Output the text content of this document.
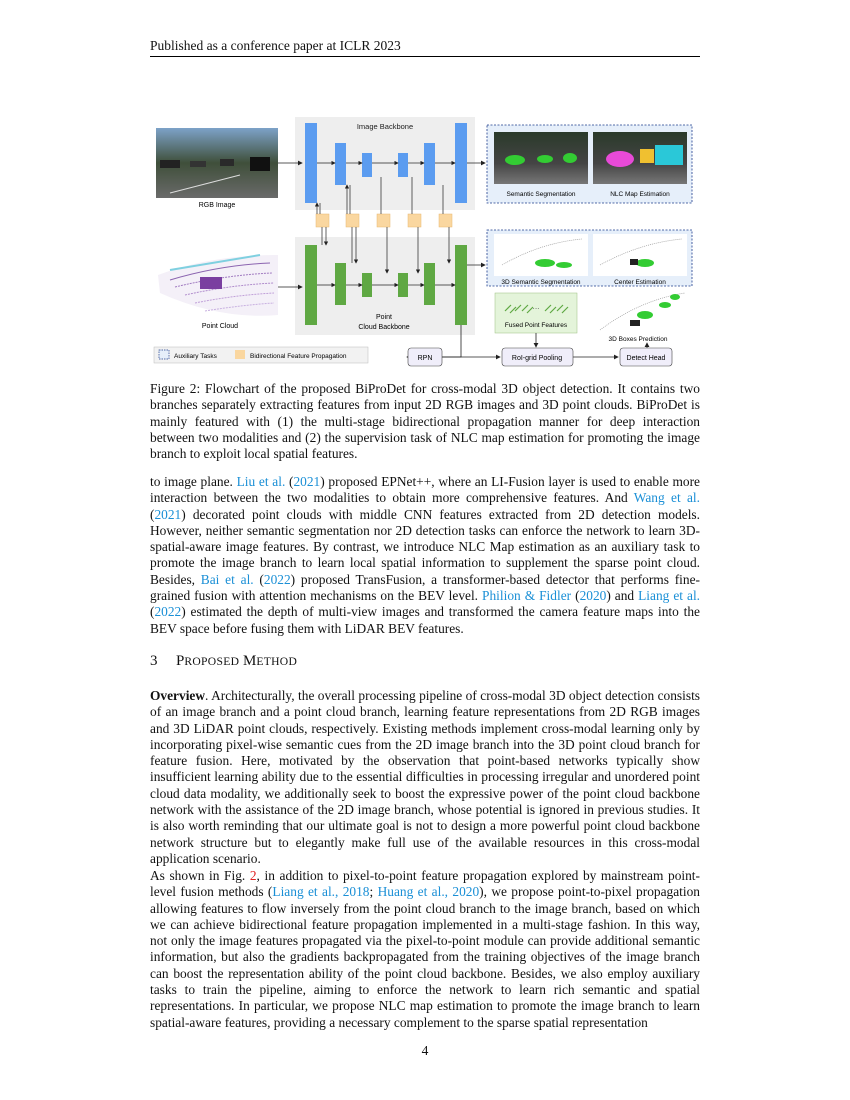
Published as a conference paper at ICLR 2023
Image Backbone
RGB Image
Point Cloud
Point
Cloud Backbone
Semantic Segmentation	NLC Map Estimation
3D Semantic Segmentation	Center Estimation
···
Fused Point Features
3D Boxes Prediction
Auxiliary Tasks	Bidirectional Feature Propagation	RPN	RoI-grid Pooling	Detect Head
Figure 2: Flowchart of the proposed BiProDet for cross-modal 3D object detection. It contains two branches separately extracting features from input 2D RGB images and 3D point clouds. BiProDet is mainly featured with (1) the multi-stage bidirectional propagation manner for deep interaction between two modalities and (2) the supervision task of NLC map estimation for promoting the image branch to exploit local spatial features.
to image plane. Liu et al. (2021) proposed EPNet++, where an LI-Fusion layer is used to enable more interaction between the two modalities to obtain more comprehensive features. And Wang et al. (2021) decorated point clouds with middle CNN features extracted from 2D detection models. However, neither semantic segmentation nor 2D detection tasks can enforce the network to learn 3D-spatial-aware image features. By contrast, we introduce NLC Map estimation as an auxiliary task to promote the image branch to learn local spatial information to supplement the sparse point cloud. Besides, Bai et al. (2022) proposed TransFusion, a transformer-based detector that performs fine-grained fusion with attention mechanisms on the BEV level. Philion & Fidler (2020) and Liang et al. (2022) estimated the depth of multi-view images and transformed the camera feature maps into the BEV space before fusing them with LiDAR BEV features.
3 PROPOSED METHOD
Overview. Architecturally, the overall processing pipeline of cross-modal 3D object detection consists of an image branch and a point cloud branch, learning feature representations from 2D RGB images and 3D LiDAR point clouds, respectively. Existing methods implement cross-modal learning only by incorporating pixel-wise semantic cues from the 2D image branch into the 3D point cloud branch for feature fusion. Here, motivated by the observation that point-based networks typically show insufficient learning ability due to the essential difficulties in processing irregular and unordered point cloud data modality, we additionally seek to boost the expressive power of the point cloud backbone network with the assistance of the 2D image branch, whose potential is ignored in previous studies. It is also worth reminding that our ultimate goal is not to design a more powerful point cloud backbone network structure but to elegantly make full use of the available resources in this cross-modal application scenario.
As shown in Fig. 2, in addition to pixel-to-point feature propagation explored by mainstream point-level fusion methods (Liang et al., 2018; Huang et al., 2020), we propose point-to-pixel propagation allowing features to flow inversely from the point cloud branch to the image branch, based on which we can achieve bidirectional feature propagation implemented in a multi-stage fashion. In this way, not only the image features propagated via the pixel-to-point module can provide additional semantic information, but also the gradients backpropagated from the training objectives of the image branch can boost the representation ability of the point cloud backbone. Besides, we also employ auxiliary tasks to train the pipeline, aiming to enforce the network to learn rich semantic and spatial representations. In particular, we propose NLC map estimation to promote the image branch to learn spatial-aware features, providing a necessary complement to the sparse spatial representation
4
